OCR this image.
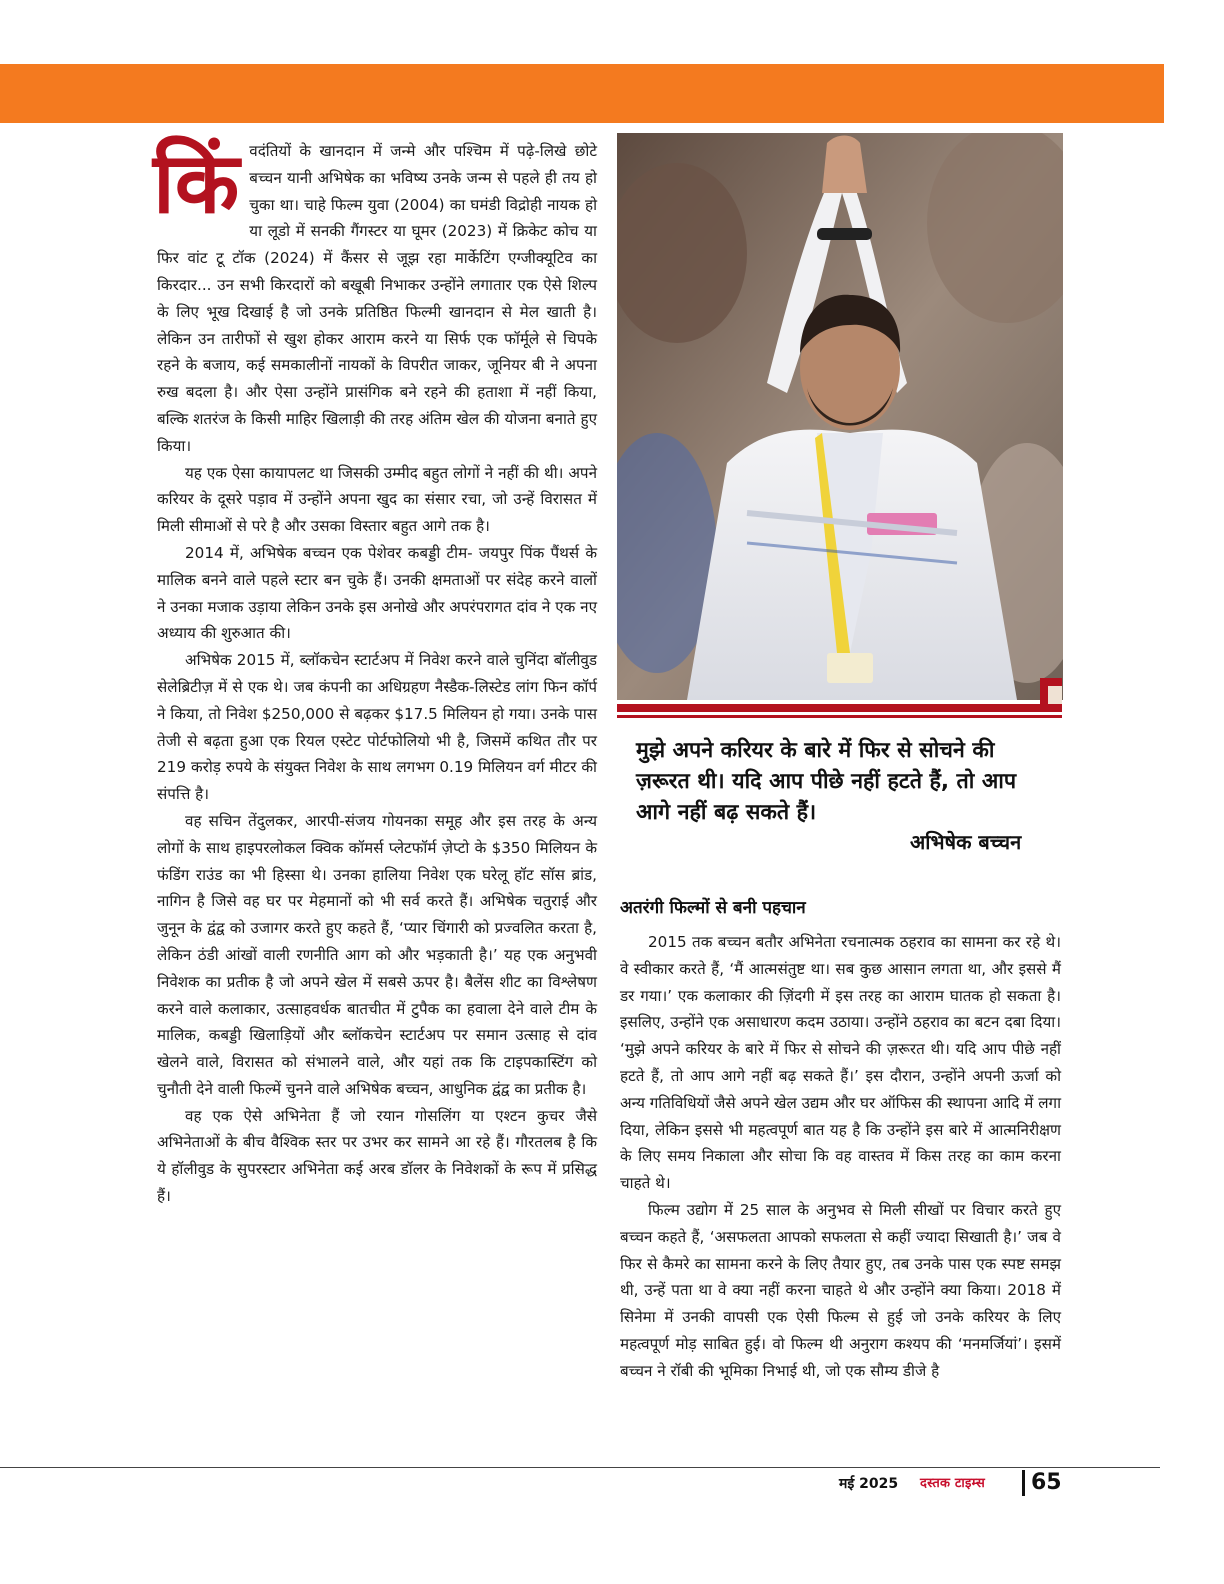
किं वदंतियों के खानदान में जन्मे और पश्चिम में पढ़े-लिखे छोटे बच्चन यानी अभिषेक का भविष्य उनके जन्म से पहले ही तय हो चुका था। चाहे फिल्म युवा (2004) का घमंडी विद्रोही नायक हो या लूडो में सनकी गैंगस्टर या घूमर (2023) में क्रिकेट कोच या फिर वांट टू टॉक (2024) में कैंसर से जूझ रहा मार्केटिंग एग्जीक्यूटिव का किरदार... उन सभी किरदारों को बखूबी निभाकर उन्होंने लगातार एक ऐसे शिल्प के लिए भूख दिखाई है जो उनके प्रतिष्ठित फिल्मी खानदान से मेल खाती है। लेकिन उन तारीफों से खुश होकर आराम करने या सिर्फ एक फॉर्मूले से चिपके रहने के बजाय, कई समकालीनों नायकों के विपरीत जाकर, जूनियर बी ने अपना रुख बदला है। और ऐसा उन्होंने प्रासंगिक बने रहने की हताशा में नहीं किया, बल्कि शतरंज के किसी माहिर खिलाड़ी की तरह अंतिम खेल की योजना बनाते हुए किया।

यह एक ऐसा कायापलट था जिसकी उम्मीद बहुत लोगों ने नहीं की थी। अपने करियर के दूसरे पड़ाव में उन्होंने अपना खुद का संसार रचा, जो उन्हें विरासत में मिली सीमाओं से परे है और उसका विस्तार बहुत आगे तक है।

2014 में, अभिषेक बच्चन एक पेशेवर कबड्डी टीम- जयपुर पिंक पैंथर्स के मालिक बनने वाले पहले स्टार बन चुके हैं। उनकी क्षमताओं पर संदेह करने वालों ने उनका मजाक उड़ाया लेकिन उनके इस अनोखे और अपरंपरागत दांव ने एक नए अध्याय की शुरुआत की।

अभिषेक 2015 में, ब्लॉकचेन स्टार्टअप में निवेश करने वाले चुनिंदा बॉलीवुड सेलेब्रिटीज़ में से एक थे। जब कंपनी का अधिग्रहण नैस्डैक-लिस्टेड लांग फिन कॉर्प ने किया, तो निवेश $250,000 से बढ़कर $17.5 मिलियन हो गया। उनके पास तेजी से बढ़ता हुआ एक रियल एस्टेट पोर्टफोलियो भी है, जिसमें कथित तौर पर 219 करोड़ रुपये के संयुक्त निवेश के साथ लगभग 0.19 मिलियन वर्ग मीटर की संपत्ति है।

वह सचिन तेंदुलकर, आरपी-संजय गोयनका समूह और इस तरह के अन्य लोगों के साथ हाइपरलोकल क्विक कॉमर्स प्लेटफॉर्म ज़ेप्टो के $350 मिलियन के फंडिंग राउंड का भी हिस्सा थे। उनका हालिया निवेश एक घरेलू हॉट सॉस ब्रांड, नागिन है जिसे वह घर पर मेहमानों को भी सर्व करते हैं। अभिषेक चतुराई और जुनून के द्वंद्व को उजागर करते हुए कहते हैं, ‘प्यार चिंगारी को प्रज्वलित करता है, लेकिन ठंडी आंखों वाली रणनीति आग को और भड़काती है।’ यह एक अनुभवी निवेशक का प्रतीक है जो अपने खेल में सबसे ऊपर है। बैलेंस शीट का विश्लेषण करने वाले कलाकार, उत्साहवर्धक बातचीत में टुपैक का हवाला देने वाले टीम के मालिक, कबड्डी खिलाड़ियों और ब्लॉकचेन स्टार्टअप पर समान उत्साह से दांव खेलने वाले, विरासत को संभालने वाले, और यहां तक कि टाइपकास्टिंग को चुनौती देने वाली फिल्में चुनने वाले अभिषेक बच्चन, आधुनिक द्वंद्व का प्रतीक है।

वह एक ऐसे अभिनेता हैं जो रयान गोसलिंग या एश्टन कुचर जैसे अभिनेताओं के बीच वैश्विक स्तर पर उभर कर सामने आ रहे हैं। गौरतलब है कि ये हॉलीवुड के सुपरस्टार अभिनेता कई अरब डॉलर के निवेशकों के रूप में प्रसिद्ध हैं।

मुझे अपने करियर के बारे में फिर से सोचने की ज़रूरत थी। यदि आप पीछे नहीं हटते हैं, तो आप आगे नहीं बढ़ सकते हैं।
अभिषेक बच्चन
अतरंगी फिल्मों से बनी पहचान

2015 तक बच्चन बतौर अभिनेता रचनात्मक ठहराव का सामना कर रहे थे। वे स्वीकार करते हैं, ‘मैं आत्मसंतुष्ट था। सब कुछ आसान लगता था, और इससे मैं डर गया।’ एक कलाकार की ज़िंदगी में इस तरह का आराम घातक हो सकता है। इसलिए, उन्होंने एक असाधारण कदम उठाया। उन्होंने ठहराव का बटन दबा दिया। ‘मुझे अपने करियर के बारे में फिर से सोचने की ज़रूरत थी। यदि आप पीछे नहीं हटते हैं, तो आप आगे नहीं बढ़ सकते हैं।’ इस दौरान, उन्होंने अपनी ऊर्जा को अन्य गतिविधियों जैसे अपने खेल उद्यम और घर ऑफिस की स्थापना आदि में लगा दिया, लेकिन इससे भी महत्वपूर्ण बात यह है कि उन्होंने इस बारे में आत्मनिरीक्षण के लिए समय निकाला और सोचा कि वह वास्तव में किस तरह का काम करना चाहते थे।

फिल्म उद्योग में 25 साल के अनुभव से मिली सीखों पर विचार करते हुए बच्चन कहते हैं, ‘असफलता आपको सफलता से कहीं ज्यादा सिखाती है।’ जब वे फिर से कैमरे का सामना करने के लिए तैयार हुए, तब उनके पास एक स्पष्ट समझ थी, उन्हें पता था वे क्या नहीं करना चाहते थे और उन्होंने क्या किया। 2018 में सिनेमा में उनकी वापसी एक ऐसी फिल्म से हुई जो उनके करियर के लिए महत्वपूर्ण मोड़ साबित हुई। वो फिल्म थी अनुराग कश्यप की ‘मनमर्जियां’। इसमें बच्चन ने रॉबी की भूमिका निभाई थी, जो एक सौम्य डीजे है

मई 2025 दस्तक टाइम्स 65
